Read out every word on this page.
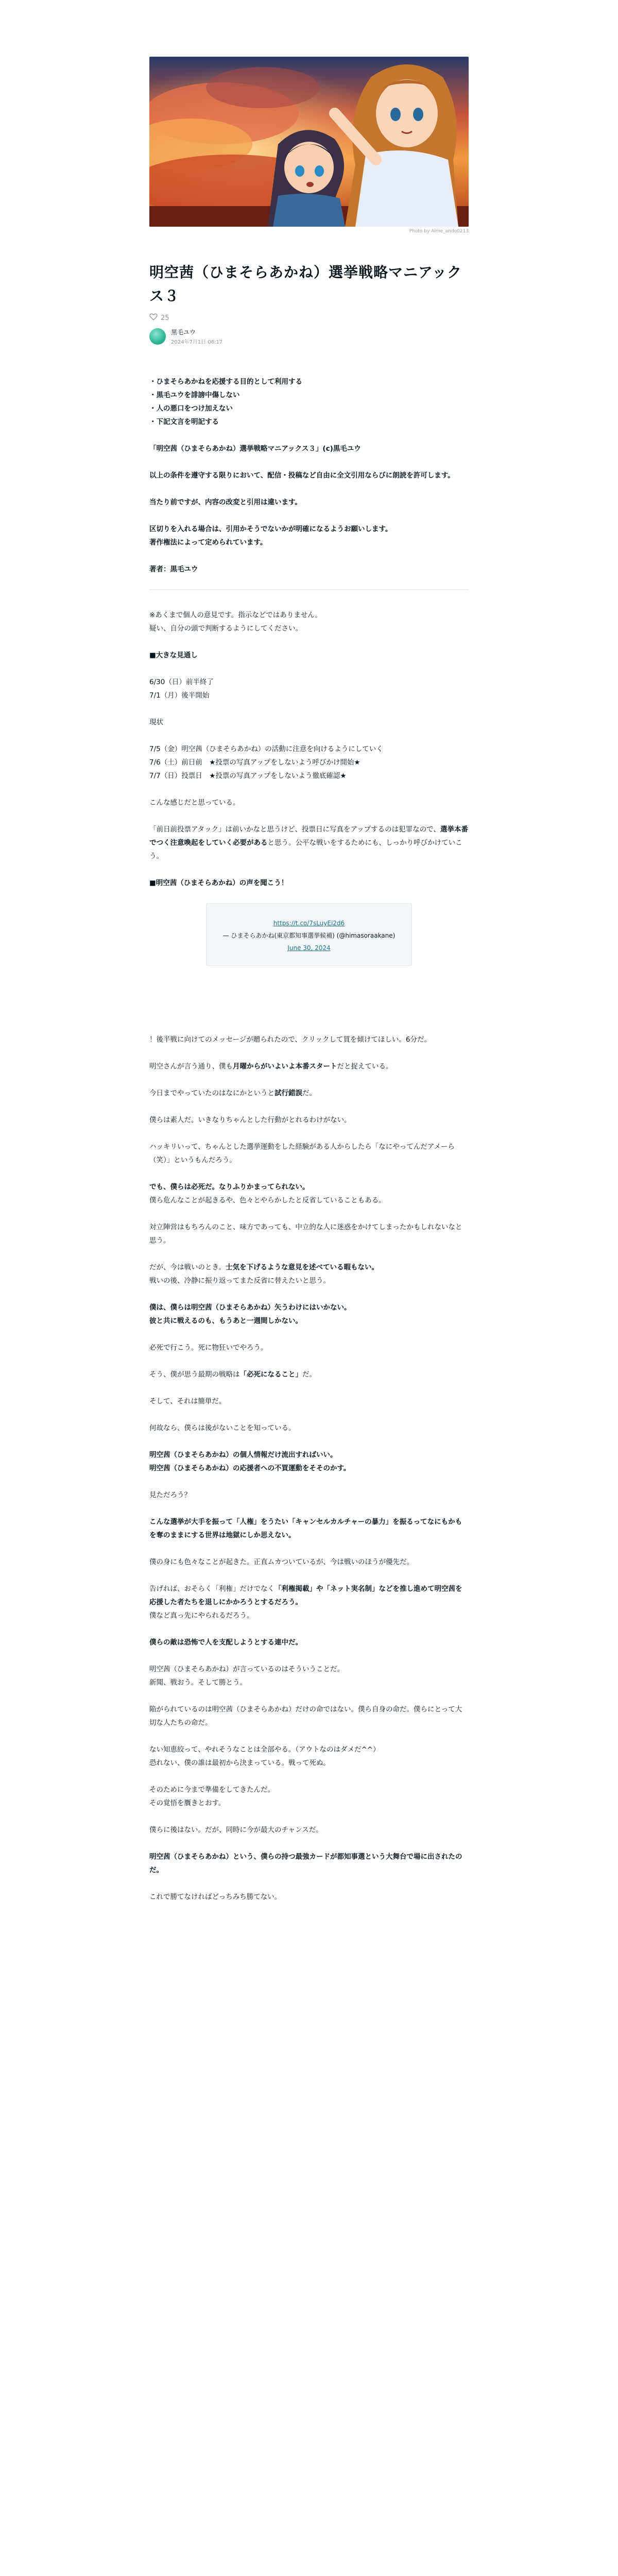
Photo by Aime_ando0213
明空茜（ひまそらあかね）選挙戦略マニアックス３
25
黒毛ユウ
2024年7月1日 06:17

・ひまそらあかねを応援する目的として利用する
・黒毛ユウを誹謗中傷しない
・人の悪口をつけ加えない
・下記文言を明記する

「明空茜（ひまそらあかね）選挙戦略マニアックス３」(c)黒毛ユウ

以上の条件を遵守する限りにおいて、配信・投稿など自由に全文引用ならびに朗読を許可します。

当たり前ですが、内容の改変と引用は違います。

区切りを入れる場合は、引用かそうでないかが明確になるようお願いします。
著作権法によって定められています。

著者：黒毛ユウ

※あくまで個人の意見です。指示などではありません。
疑い、自分の頭で判断するようにしてください。

■大きな見通し

6/30（日）前半終了
7/1（月）後半開始

現状

7/5（金）明空茜（ひまそらあかね）の活動に注意を向けるようにしていく
7/6（土）前日前　★投票の写真アップをしないよう呼びかけ開始★
7/7（日）投票日　★投票の写真アップをしないよう徹底確認★

こんな感じだと思っている。

「前日前投票アタック」は前いかなと思うけど、投票日に写真をアップするのは犯罪なので、選挙本番でつく注意喚起をしていく必要があると思う。公平な戦いをするためにも、しっかり呼びかけていこう。

■明空茜（ひまそらあかね）の声を聞こう！

https://t.co/7sLuyEi2d6
— ひまそらあかね(東京都知事選挙候補) (@himasoraakane)
June 30, 2024

！後半戦に向けてのメッセージが贈られたので、クリックして買を傾けてほしい。6分だ。

明空さんが言う通り、僕も月曜からがいよいよ本番スタートだと捉えている。

今日までやっていたのはなにかというと試行錯誤だ。

僕らは素人だ。いきなりちゃんとした行動がとれるわけがない。

ハッキリいって、ちゃんとした選挙運動をした経験がある人からしたら「なにやってんだアメーら（笑）」というもんだろう。

でも、僕らは必死だ。なりふりかまってられない。
僕ら危んなことが起きるや、色々とやらかしたと反省していることもある。

対立陣営はもちろんのこと、味方であっても、中立的な人に迷惑をかけてしまったかもしれないなと思う。

だが、今は戦いのとき。士気を下げるような意見を述べている暇もない。
戦いの後、冷静に振り返ってまた反省に替えたいと思う。

僕は、僕らは明空茜（ひまそらあかね）矢うわけにはいかない。
彼と共に戦えるのも、もうあと一週間しかない。

必死で行こう。死に物狂いでやろう。

そう、僕が思う最期の戦略は「必死になること」だ。

そして、それは簡単だ。

何故なら、僕らは後がないことを知っている。

明空茜（ひまそらあかね）の個人情報だけ流出すればいい。
明空茜（ひまそらあかね）の応援者への不買運動をそそのかす。

見ただろう？

こんな選挙が大手を振って「人権」をうたい「キャンセルカルチャーの暴力」を振るってなにもかもを奪のままにする世界は地獄にしか思えない。

僕の身にも色々なことが起きた。正直ムカついているが、今は戦いのほうが優先だ。

告げれば、おそらく「利権」だけでなく「利権掲載」や「ネット実名制」などを推し進めて明空茜を応援した者たちを退しにかかろうとするだろう。
僕など真っ先にやられるだろう。

僕らの敵は恐怖で人を支配しようとする連中だ。

明空茜（ひまそらあかね）が言っているのはそういうことだ。
新聞、戦おう。そして勝とう。

陥がられているのは明空茜（ひまそらあかね）だけの命ではない。僕ら自身の命だ。僕らにとって大切な人たちの命だ。

ない知恵絞って、やれそうなことは全部やる。（アウトなのはダメだ^^）
恐れない、僕の誰は最初から決まっている。戦って死ぬ。

そのために今まで準備をしてきたんだ。
その覚悟を贋きとおす。

僕らに後はない。だが、同時に今が最大のチャンスだ。

明空茜（ひまそらあかね）という、僕らの持つ最強カードが都知事選という大舞台で場に出されたのだ。

これで勝てなければどっちみち勝てない。
